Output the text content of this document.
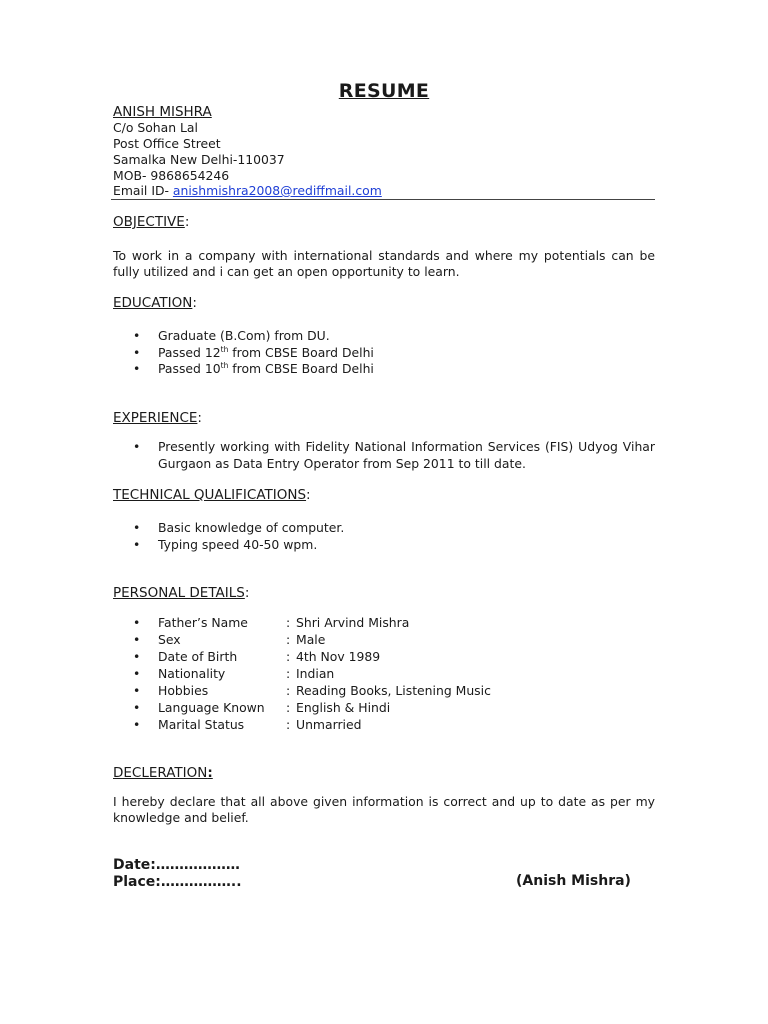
RESUME
ANISH MISHRA
C/o Sohan Lal
Post Office Street
Samalka New Delhi-110037
MOB- 9868654246
Email ID- anishmishra2008@rediffmail.com
OBJECTIVE:
To work in a company with international standards and where my potentials can be fully utilized and i can get an open opportunity to learn.
EDUCATION:
• Graduate (B.Com) from DU.
• Passed 12th from CBSE Board Delhi
• Passed 10th from CBSE Board Delhi
EXPERIENCE:
• Presently working with Fidelity National Information Services (FIS) Udyog Vihar Gurgaon as Data Entry Operator from Sep 2011 to till date.
TECHNICAL QUALIFICATIONS:
• Basic knowledge of computer.
• Typing speed 40-50 wpm.
PERSONAL DETAILS:
• Father’s Name	: Shri Arvind Mishra
• Sex	: Male
• Date of Birth	: 4th Nov 1989
• Nationality	: Indian
• Hobbies	: Reading Books, Listening Music
• Language Known : English & Hindi
• Marital Status	: Unmarried
DECLERATION:
I hereby declare that all above given information is correct and up to date as per my knowledge and belief.
Date:………………
Place:……………..	(Anish Mishra)
